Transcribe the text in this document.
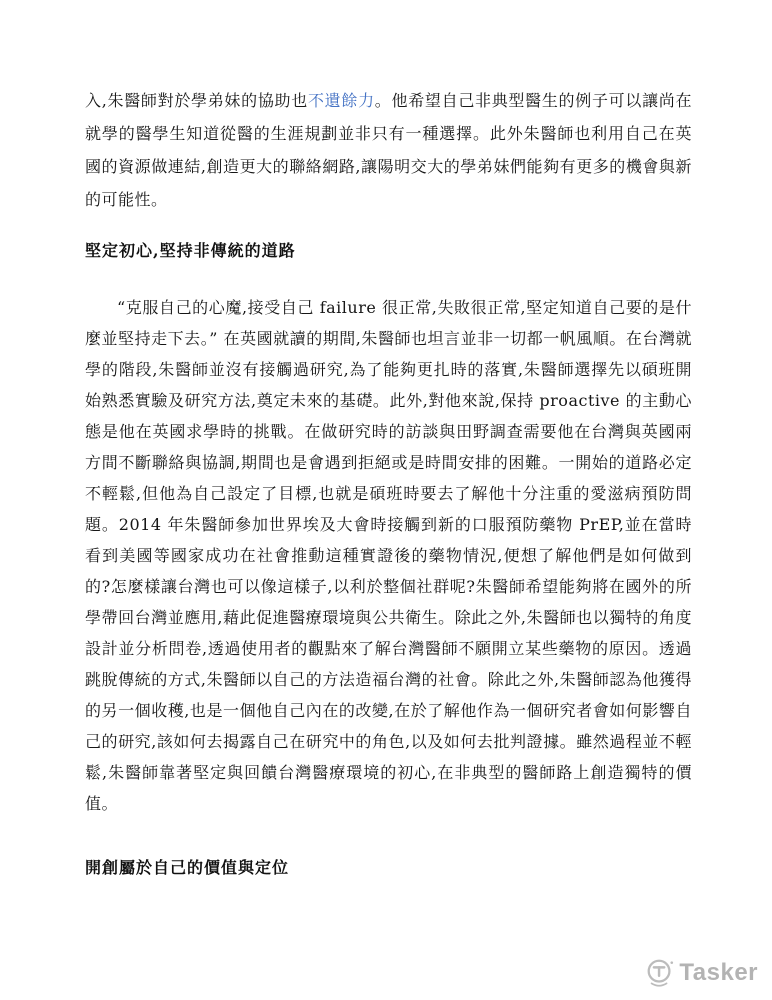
入,朱醫師對於學弟妹的協助也不遺餘力。他希望自己非典型醫生的例子可以讓尚在就學的醫學生知道從醫的生涯規劃並非只有一種選擇。此外朱醫師也利用自己在英國的資源做連結,創造更大的聯絡網路,讓陽明交大的學弟妹們能夠有更多的機會與新的可能性。

堅定初心,堅持非傳統的道路

“克服自己的心魔,接受自己 failure 很正常,失敗很正常,堅定知道自己要的是什麼並堅持走下去。” 在英國就讀的期間,朱醫師也坦言並非一切都一帆風順。在台灣就學的階段,朱醫師並沒有接觸過研究,為了能夠更扎時的落實,朱醫師選擇先以碩班開始熟悉實驗及研究方法,奠定未來的基礎。此外,對他來說,保持 proactive 的主動心態是他在英國求學時的挑戰。在做研究時的訪談與田野調查需要他在台灣與英國兩方間不斷聯絡與協調,期間也是會遇到拒絕或是時間安排的困難。一開始的道路必定不輕鬆,但他為自己設定了目標,也就是碩班時要去了解他十分注重的愛滋病預防問題。2014 年朱醫師參加世界埃及大會時接觸到新的口服預防藥物 PrEP,並在當時看到美國等國家成功在社會推動這種實證後的藥物情況,便想了解他們是如何做到的?怎麼樣讓台灣也可以像這樣子,以利於整個社群呢?朱醫師希望能夠將在國外的所學帶回台灣並應用,藉此促進醫療環境與公共衛生。除此之外,朱醫師也以獨特的角度設計並分析問卷,透過使用者的觀點來了解台灣醫師不願開立某些藥物的原因。透過跳脫傳統的方式,朱醫師以自己的方法造福台灣的社會。除此之外,朱醫師認為他獲得的另一個收穫,也是一個他自己內在的改變,在於了解他作為一個研究者會如何影響自己的研究,該如何去揭露自己在研究中的角色,以及如何去批判證據。雖然過程並不輕鬆,朱醫師靠著堅定與回饋台灣醫療環境的初心,在非典型的醫師路上創造獨特的價值。

開創屬於自己的價值與定位
Tasker
